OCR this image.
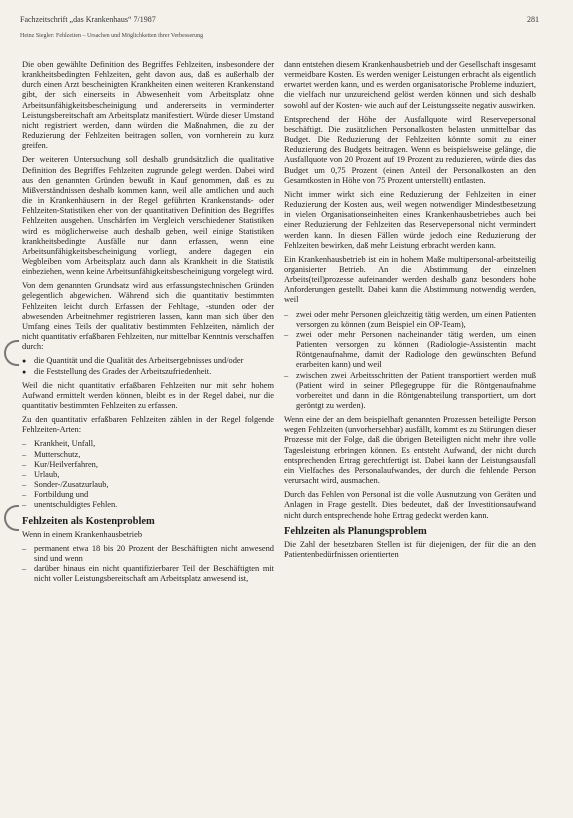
Fachzeitschrift „das Krankenhaus“ 7/1987	281
Heinz Siegler: Fehlzeiten – Ursachen und Möglichkeiten ihrer Verbesserung

Die oben gewählte Definition des Begriffes Fehlzeiten, insbesondere der krankheitsbedingten Fehlzeiten, geht davon aus, daß es außerhalb der durch einen Arzt bescheinigten Krankheiten einen weiteren Krankenstand gibt, der sich einerseits in Abwesenheit vom Arbeitsplatz ohne Arbeitsunfähigkeitsbescheinigung und andererseits in verminderter Leistungsbereitschaft am Arbeitsplatz manifestiert. Würde dieser Umstand nicht registriert werden, dann würden die Maßnahmen, die zu der Reduzierung der Fehlzeiten beitragen sollen, von vornherein zu kurz greifen.

Der weiteren Untersuchung soll deshalb grundsätzlich die qualitative Definition des Begriffes Fehlzeiten zugrunde gelegt werden. Dabei wird aus den genannten Gründen bewußt in Kauf genommen, daß es zu Mißverständnissen deshalb kommen kann, weil alle amtlichen und auch die in Krankenhäusern in der Regel geführten Krankenstands- oder Fehlzeiten-Statistiken eher von der quantitativen Definition des Begriffes Fehlzeiten ausgehen. Unschärfen im Vergleich verschiedener Statistiken wird es möglicherweise auch deshalb geben, weil einige Statistiken krankheitsbedingte Ausfälle nur dann erfassen, wenn eine Arbeitsunfähigkeitsbescheinigung vorliegt, andere dagegen ein Wegbleiben vom Arbeitsplatz auch dann als Krankheit in die Statistik einbeziehen, wenn keine Arbeitsunfähigkeitsbescheinigung vorgelegt wird.

Von dem genannten Grundsatz wird aus erfassungstechnischen Gründen gelegentlich abgewichen. Während sich die quantitativ bestimmten Fehlzeiten leicht durch Erfassen der Fehltage, -stunden oder der abwesenden Arbeitnehmer registrieren lassen, kann man sich über den Umfang eines Teils der qualitativ bestimmten Fehlzeiten, nämlich der nicht quantitativ erfaßbaren Fehlzeiten, nur mittelbar Kenntnis verschaffen durch:

● die Quantität und die Qualität des Arbeitsergebnisses und/oder
● die Feststellung des Grades der Arbeitszufriedenheit.

Weil die nicht quantitativ erfaßbaren Fehlzeiten nur mit sehr hohem Aufwand ermittelt werden können, bleibt es in der Regel dabei, nur die quantitativ bestimmten Fehlzeiten zu erfassen.

Zu den quantitativ erfaßbaren Fehlzeiten zählen in der Regel folgende Fehlzeiten-Arten:

– Krankheit, Unfall,
– Mutterschutz,
– Kur/Heilverfahren,
– Urlaub,
– Sonder-/Zusatzurlaub,
– Fortbildung und
– unentschuldigtes Fehlen.
Fehlzeiten als Kostenproblem

Wenn in einem Krankenhausbetrieb

– permanent etwa 18 bis 20 Prozent der Beschäftigten nicht anwesend sind und wenn
– darüber hinaus ein nicht quantifizierbarer Teil der Beschäftigten mit nicht voller Leistungsbereitschaft am Arbeitsplatz anwesend ist,

dann entstehen diesem Krankenhausbetrieb und der Gesellschaft insgesamt vermeidbare Kosten. Es werden weniger Leistungen erbracht als eigentlich erwartet werden kann, und es werden organisatorische Probleme induziert, die vielfach nur unzureichend gelöst werden können und sich deshalb sowohl auf der Kosten- wie auch auf der Leistungsseite negativ auswirken.

Entsprechend der Höhe der Ausfallquote wird Reservepersonal beschäftigt. Die zusätzlichen Personalkosten belasten unmittelbar das Budget. Die Reduzierung der Fehlzeiten könnte somit zu einer Reduzierung des Budgets beitragen. Wenn es beispielsweise gelänge, die Ausfallquote von 20 Prozent auf 19 Prozent zu reduzieren, würde dies das Budget um 0,75 Prozent (einen Anteil der Personalkosten an den Gesamtkosten in Höhe von 75 Prozent unterstellt) entlasten.

Nicht immer wirkt sich eine Reduzierung der Fehlzeiten in einer Reduzierung der Kosten aus, weil wegen notwendiger Mindestbesetzung in vielen Organisationseinheiten eines Krankenhausbetriebes auch bei einer Reduzierung der Fehlzeiten das Reservepersonal nicht vermindert werden kann. In diesen Fällen würde jedoch eine Reduzierung der Fehlzeiten bewirken, daß mehr Leistung erbracht werden kann.

Ein Krankenhausbetrieb ist ein in hohem Maße multipersonal-arbeitsteilig organisierter Betrieb. An die Abstimmung der einzelnen Arbeits(teil)prozesse aufeinander werden deshalb ganz besonders hohe Anforderungen gestellt. Dabei kann die Abstimmung notwendig werden, weil

– zwei oder mehr Personen gleichzeitig tätig werden, um einen Patienten versorgen zu können (zum Beispiel ein OP-Team),
– zwei oder mehr Personen nacheinander tätig werden, um einen Patienten versorgen zu können (Radiologie-Assistentin macht Röntgenaufnahme, damit der Radiologe den gewünschten Befund erarbeiten kann) und weil
– zwischen zwei Arbeitsschritten der Patient transportiert werden muß (Patient wird in seiner Pflegegruppe für die Röntgenaufnahme vorbereitet und dann in die Röntgenabteilung transportiert, um dort geröntgt zu werden).

Wenn eine der an dem beispielhaft genannten Prozessen beteiligte Person wegen Fehlzeiten (unvorhersehbar) ausfällt, kommt es zu Störungen dieser Prozesse mit der Folge, daß die übrigen Beteiligten nicht mehr ihre volle Tagesleistung erbringen können. Es entsteht Aufwand, der nicht durch entsprechenden Ertrag gerechtfertigt ist. Dabei kann der Leistungsausfall ein Vielfaches des Personalaufwandes, der durch die fehlende Person verursacht wird, ausmachen.

Durch das Fehlen von Personal ist die volle Ausnutzung von Geräten und Anlagen in Frage gestellt. Dies bedeutet, daß der Investitionsaufwand nicht durch entsprechende hohe Ertrag gedeckt werden kann.

Fehlzeiten als Planungsproblem

Die Zahl der besetzbaren Stellen ist für diejenigen, der für die an den Patientenbedürfnissen orientierten
